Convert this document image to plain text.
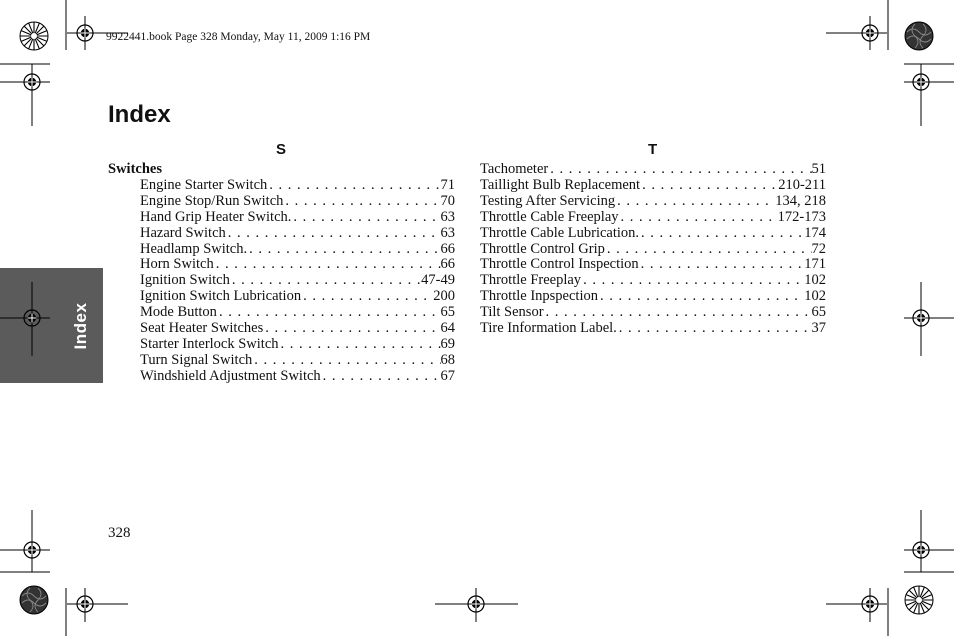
9922441.book Page 328 Monday, May 11, 2009 1:16 PM
Index
Index
S	T
Switches
Engine Starter Switch . . .	71
Engine Stop/Run Switch . . .	70
Hand Grip Heater Switch. . . .	63
Hazard Switch . . .	63
Headlamp Switch. . . .	66
Horn Switch . . .	66
Ignition Switch . . .	47-49
Ignition Switch Lubrication . . .	200
Mode Button . . .	65
Seat Heater Switches . . .	64
Starter Interlock Switch . . .	69
Turn Signal Switch . . .	68
Windshield Adjustment Switch . . .	67
Tachometer . . .	51
Taillight Bulb Replacement . . .	210-211
Testing After Servicing . . .	134, 218
Throttle Cable Freeplay . . .	172-173
Throttle Cable Lubrication. . . .	174
Throttle Control Grip . . .	72
Throttle Control Inspection . . .	171
Throttle Freeplay . . .	102
Throttle Inpspection . . .	102
Tilt Sensor . . .	65
Tire Information Label. . . .	37
328
